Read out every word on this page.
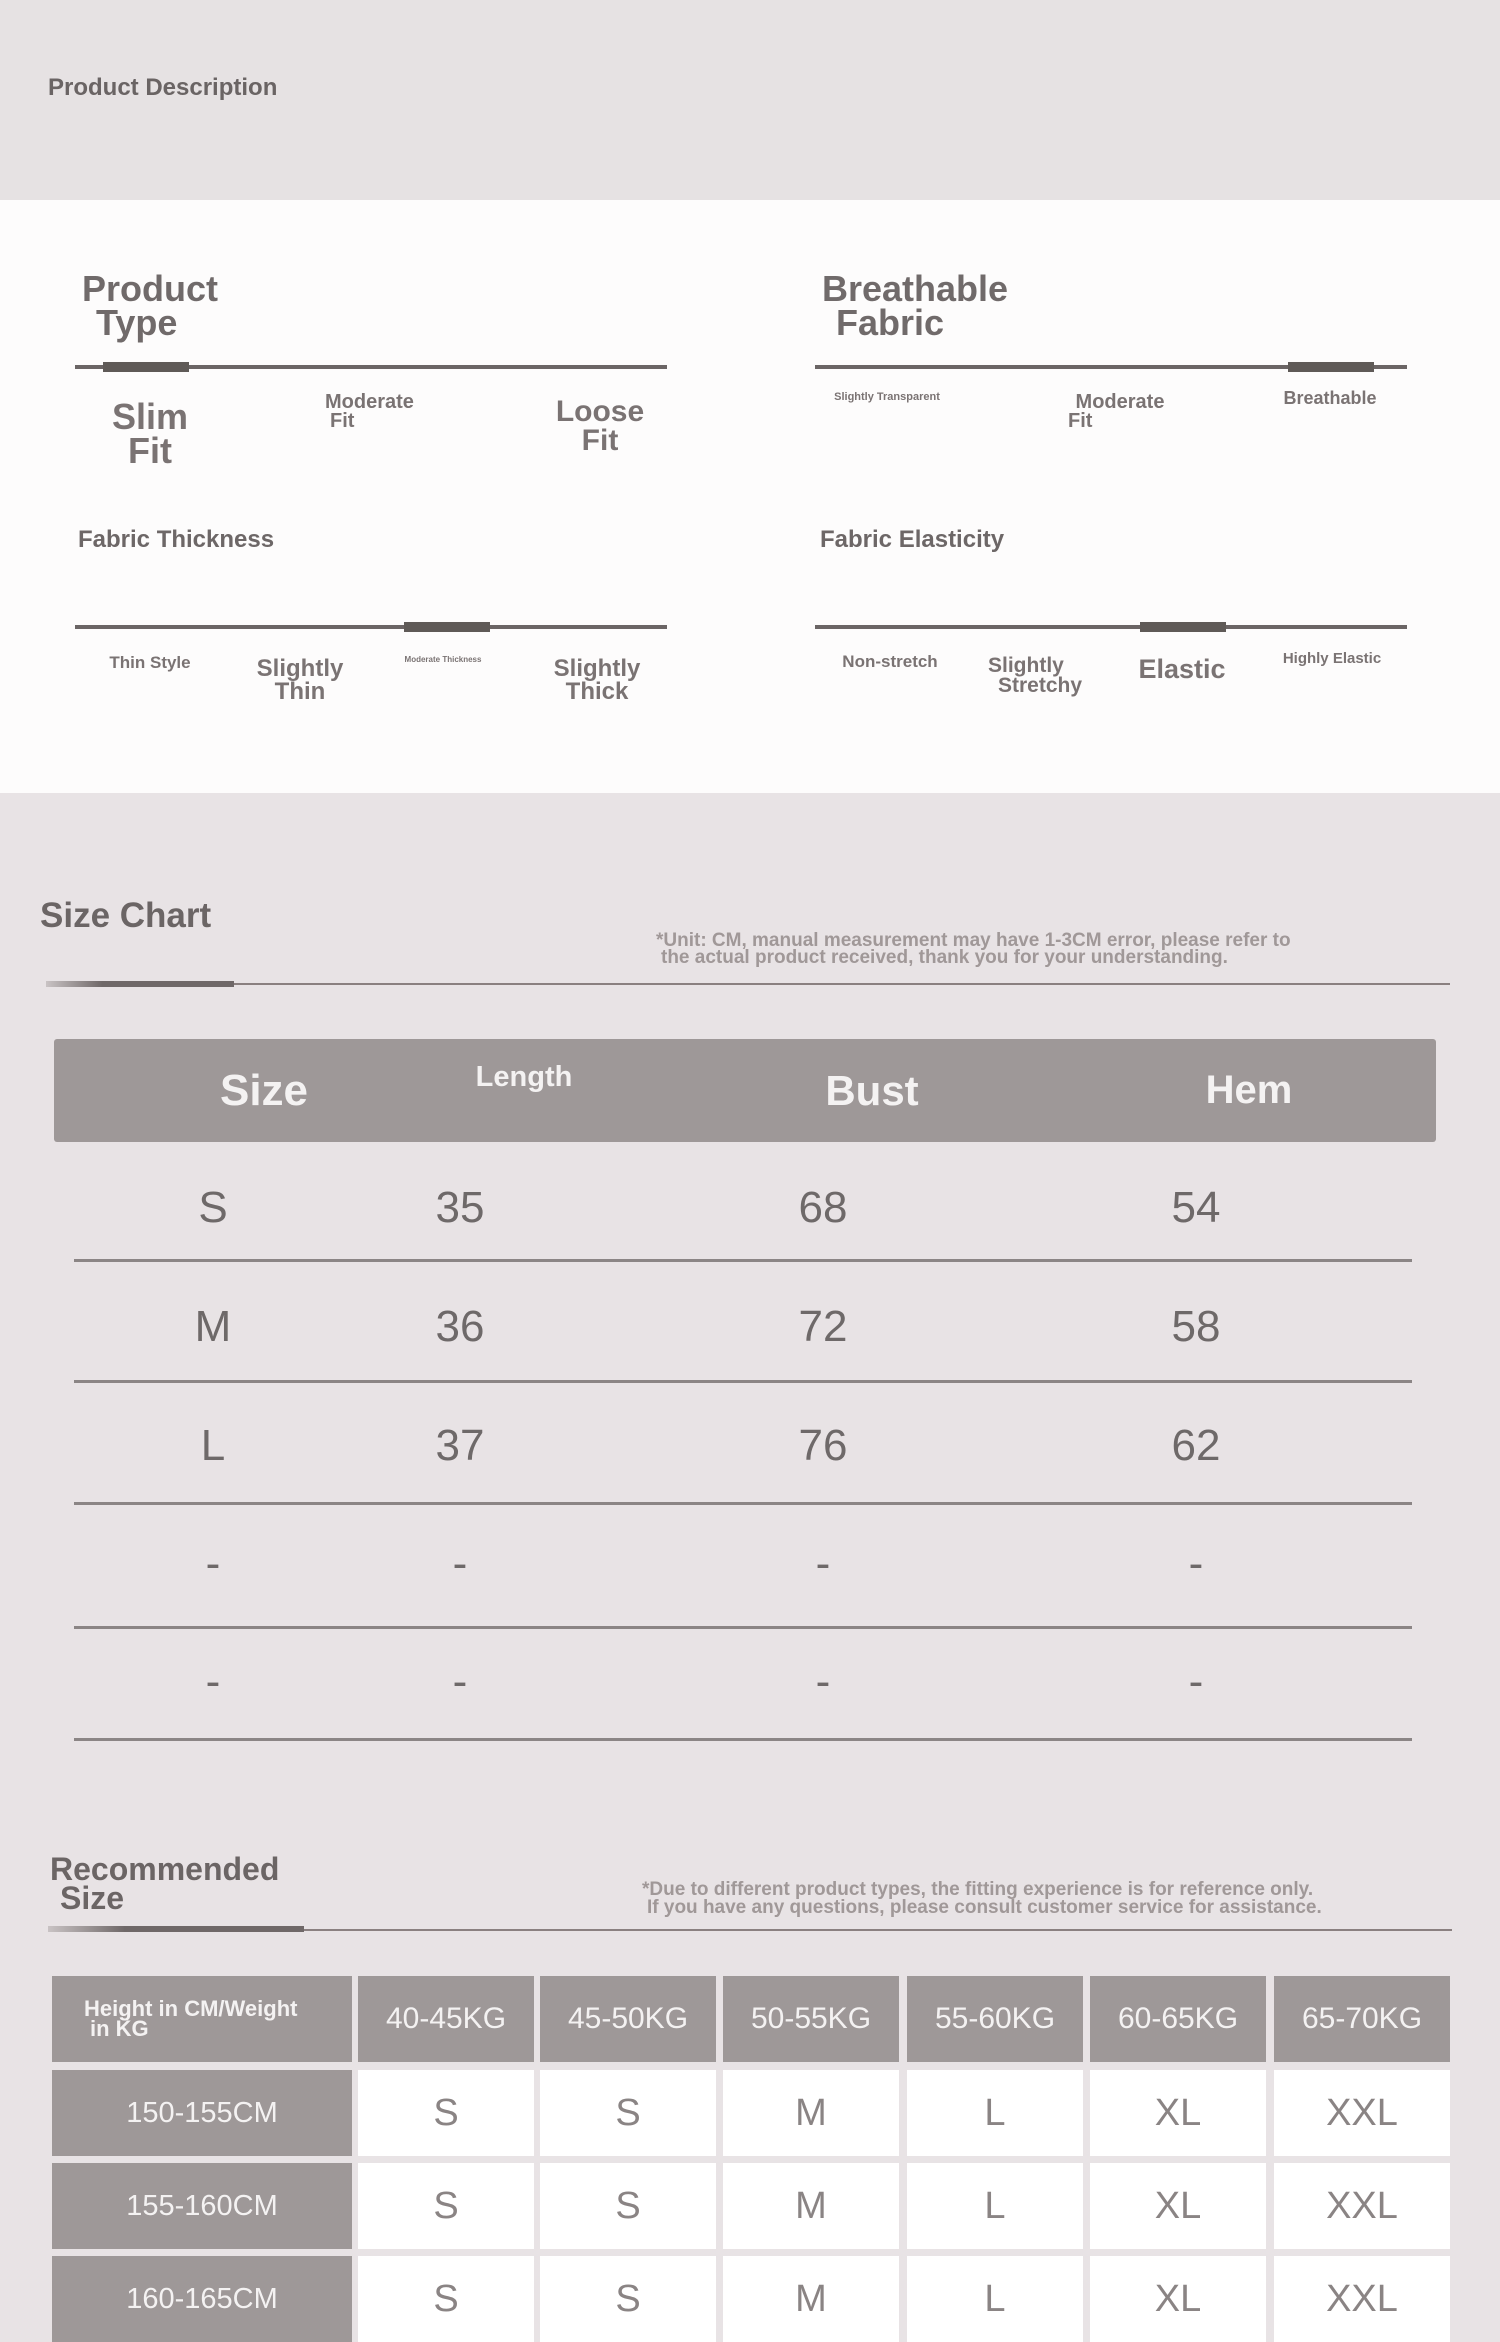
Product Description
Product
Type
Slim
Fit
Moderate
Fit	Loose
Fit
Breathable
Fabric
Slightly Transparent	Moderate
Fit
Breathable
Fabric Thickness
Thin Style	Slightly
Thin
Moderate Thickness	Slightly
Thick
Fabric Elasticity
Non-stretch	Slightly
Stretchy
Elastic	Highly Elastic
Size Chart
*Unit: CM, manual measurement may have 1-3CM error, please refer to
the actual product received, thank you for your understanding.
Size	Length	Bust	Hem
S	35	68	54
M	36	72	58
L	37	76	62
-	-	-	-
-	-	-	-
Recommended
Size	*Due to different product types, the fitting experience is for reference only.
If you have any questions, please consult customer service for assistance.
Height in CM/Weight
in KG	40-45KG	45-50KG	50-55KG	55-60KG	60-65KG	65-70KG
150-155CM	S	S	M	L	XL	XXL
155-160CM	S	S	M	L	XL	XXL
160-165CM	S	S	M	L	XL	XXL
